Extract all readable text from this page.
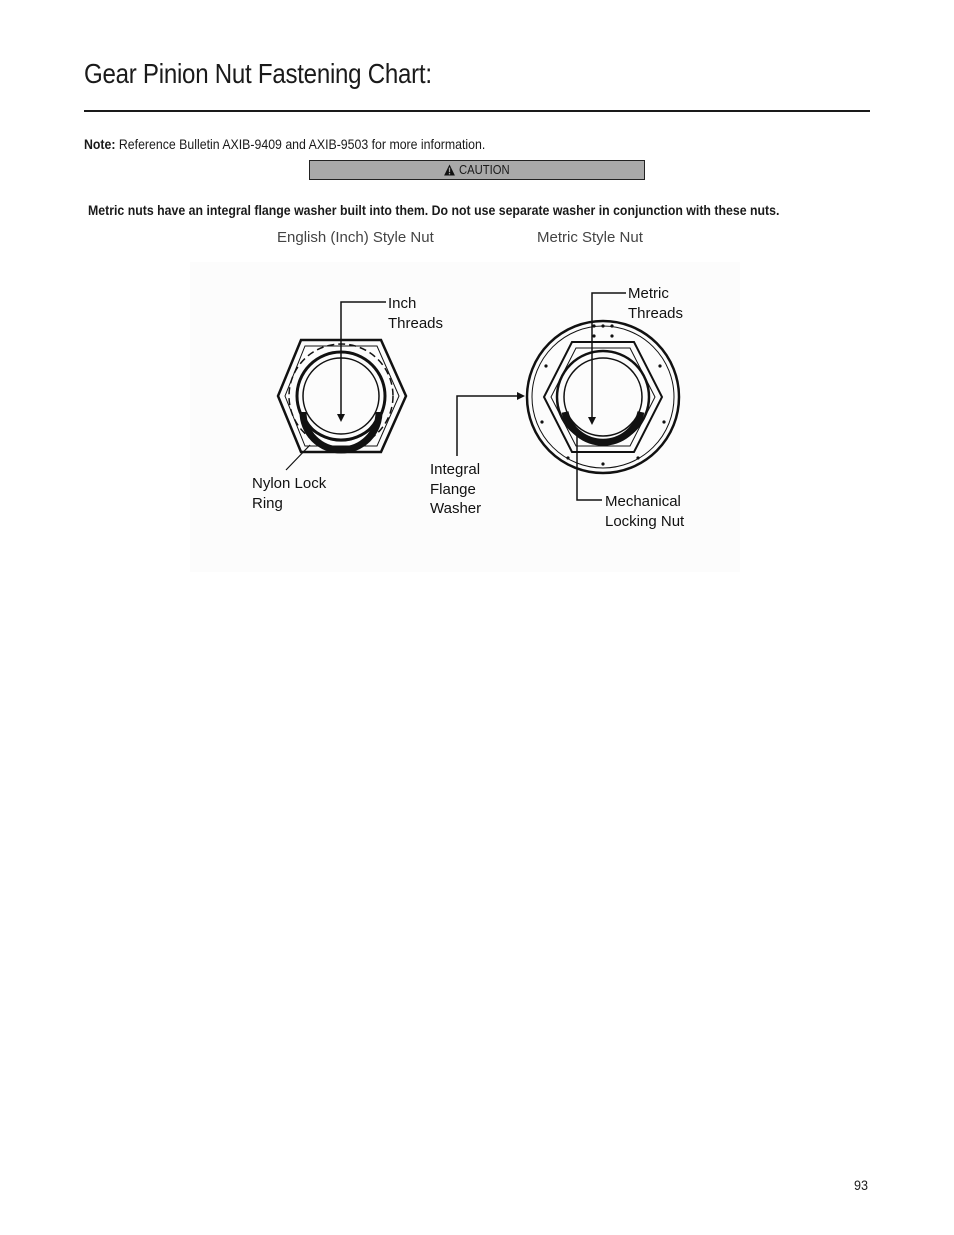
Gear Pinion Nut Fastening Chart:
Note: Reference Bulletin AXIB-9409 and AXIB-9503 for more information.
CAUTION
Metric nuts have an integral flange washer built into them. Do not use separate washer in conjunction with these nuts.
English (Inch) Style Nut	Metric Style Nut
Inch
Threads
Nylon Lock
Ring
Integral
Flange
Washer
Metric
Threads
Mechanical
Locking Nut
93
